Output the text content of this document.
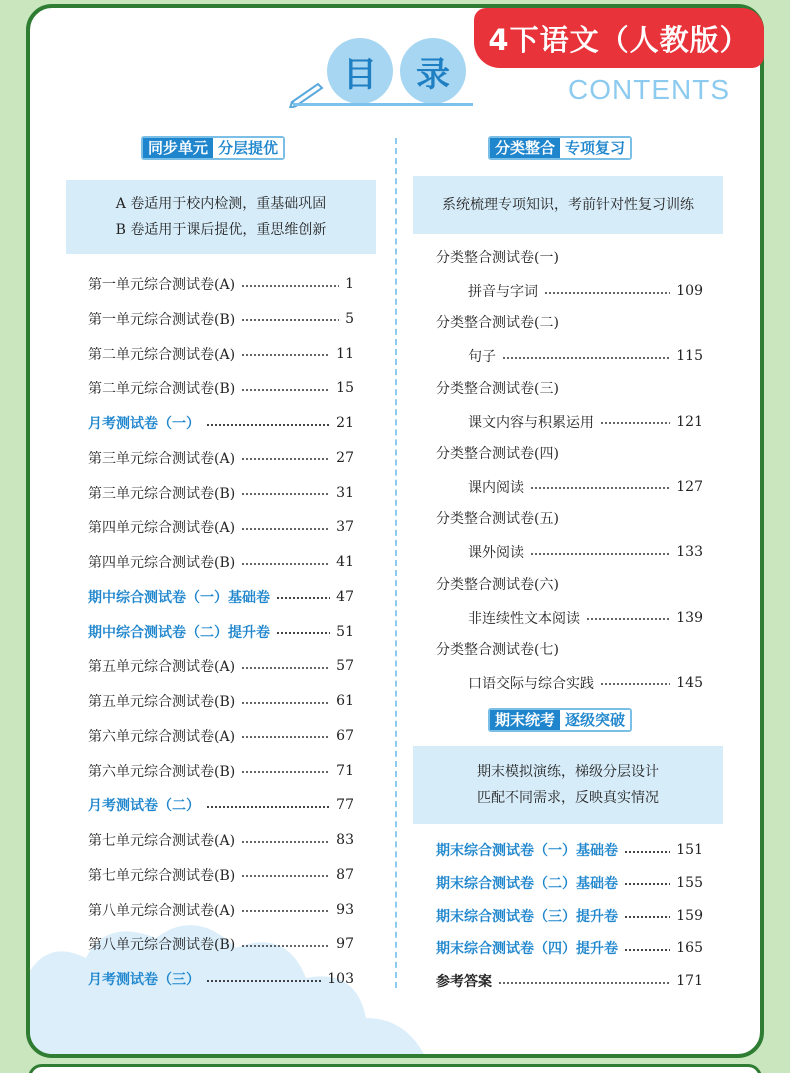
4下语文（人教版）
目	录	CONTENTS
同步单元 分层提优
A 卷适用于校内检测，重基础巩固
B 卷适用于课后提优，重思维创新
第一单元综合测试卷(A)	1
第一单元综合测试卷(B)	5
第二单元综合测试卷(A)	11
第二单元综合测试卷(B)	15
月考测试卷（一）	21
第三单元综合测试卷(A)	27
第三单元综合测试卷(B)	31
第四单元综合测试卷(A)	37
第四单元综合测试卷(B)	41
期中综合测试卷（一）基础卷	47
期中综合测试卷（二）提升卷	51
第五单元综合测试卷(A)	57
第五单元综合测试卷(B)	61
第六单元综合测试卷(A)	67
第六单元综合测试卷(B)	71
月考测试卷（二）	77
第七单元综合测试卷(A)	83
第七单元综合测试卷(B)	87
第八单元综合测试卷(A)	93
第八单元综合测试卷(B)	97
月考测试卷（三）	103
分类整合 专项复习
系统梳理专项知识，考前针对性复习训练
分类整合测试卷(一)
拼音与字词	109
分类整合测试卷(二)
句子	115
分类整合测试卷(三)
课文内容与积累运用	121
分类整合测试卷(四)
课内阅读	127
分类整合测试卷(五)
课外阅读	133
分类整合测试卷(六)
非连续性文本阅读	139
分类整合测试卷(七)
口语交际与综合实践	145
期末统考 逐级突破
期末模拟演练，梯级分层设计
匹配不同需求，反映真实情况
期末综合测试卷（一）基础卷	151
期末综合测试卷（二）基础卷	155
期末综合测试卷（三）提升卷	159
期末综合测试卷（四）提升卷	165
参考答案	171
